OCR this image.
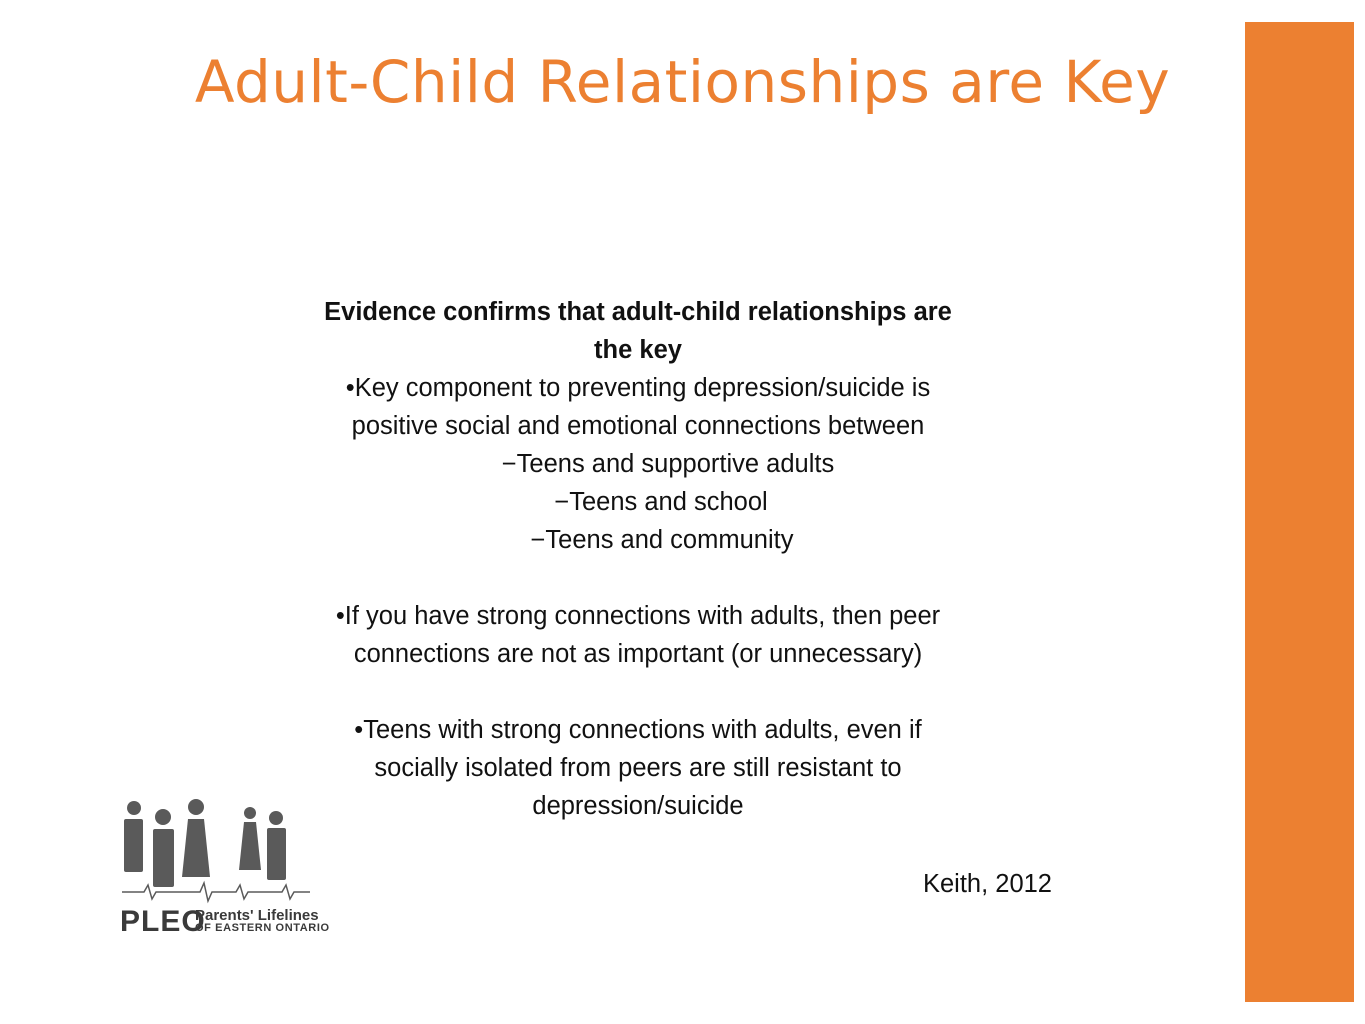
Adult-Child Relationships are Key

Evidence confirms that adult-child relationships are

the key

•Key component to preventing depression/suicide is

positive social and emotional connections between

−Teens and supportive adults

−Teens and school

−Teens and community

•If you have strong connections with adults, then peer

connections are not as important (or unnecessary)

•Teens with strong connections with adults, even if

socially isolated from peers are still resistant to

depression/suicide

Keith, 2012
PLEO
Parents' Lifelines
OF EASTERN ONTARIO
